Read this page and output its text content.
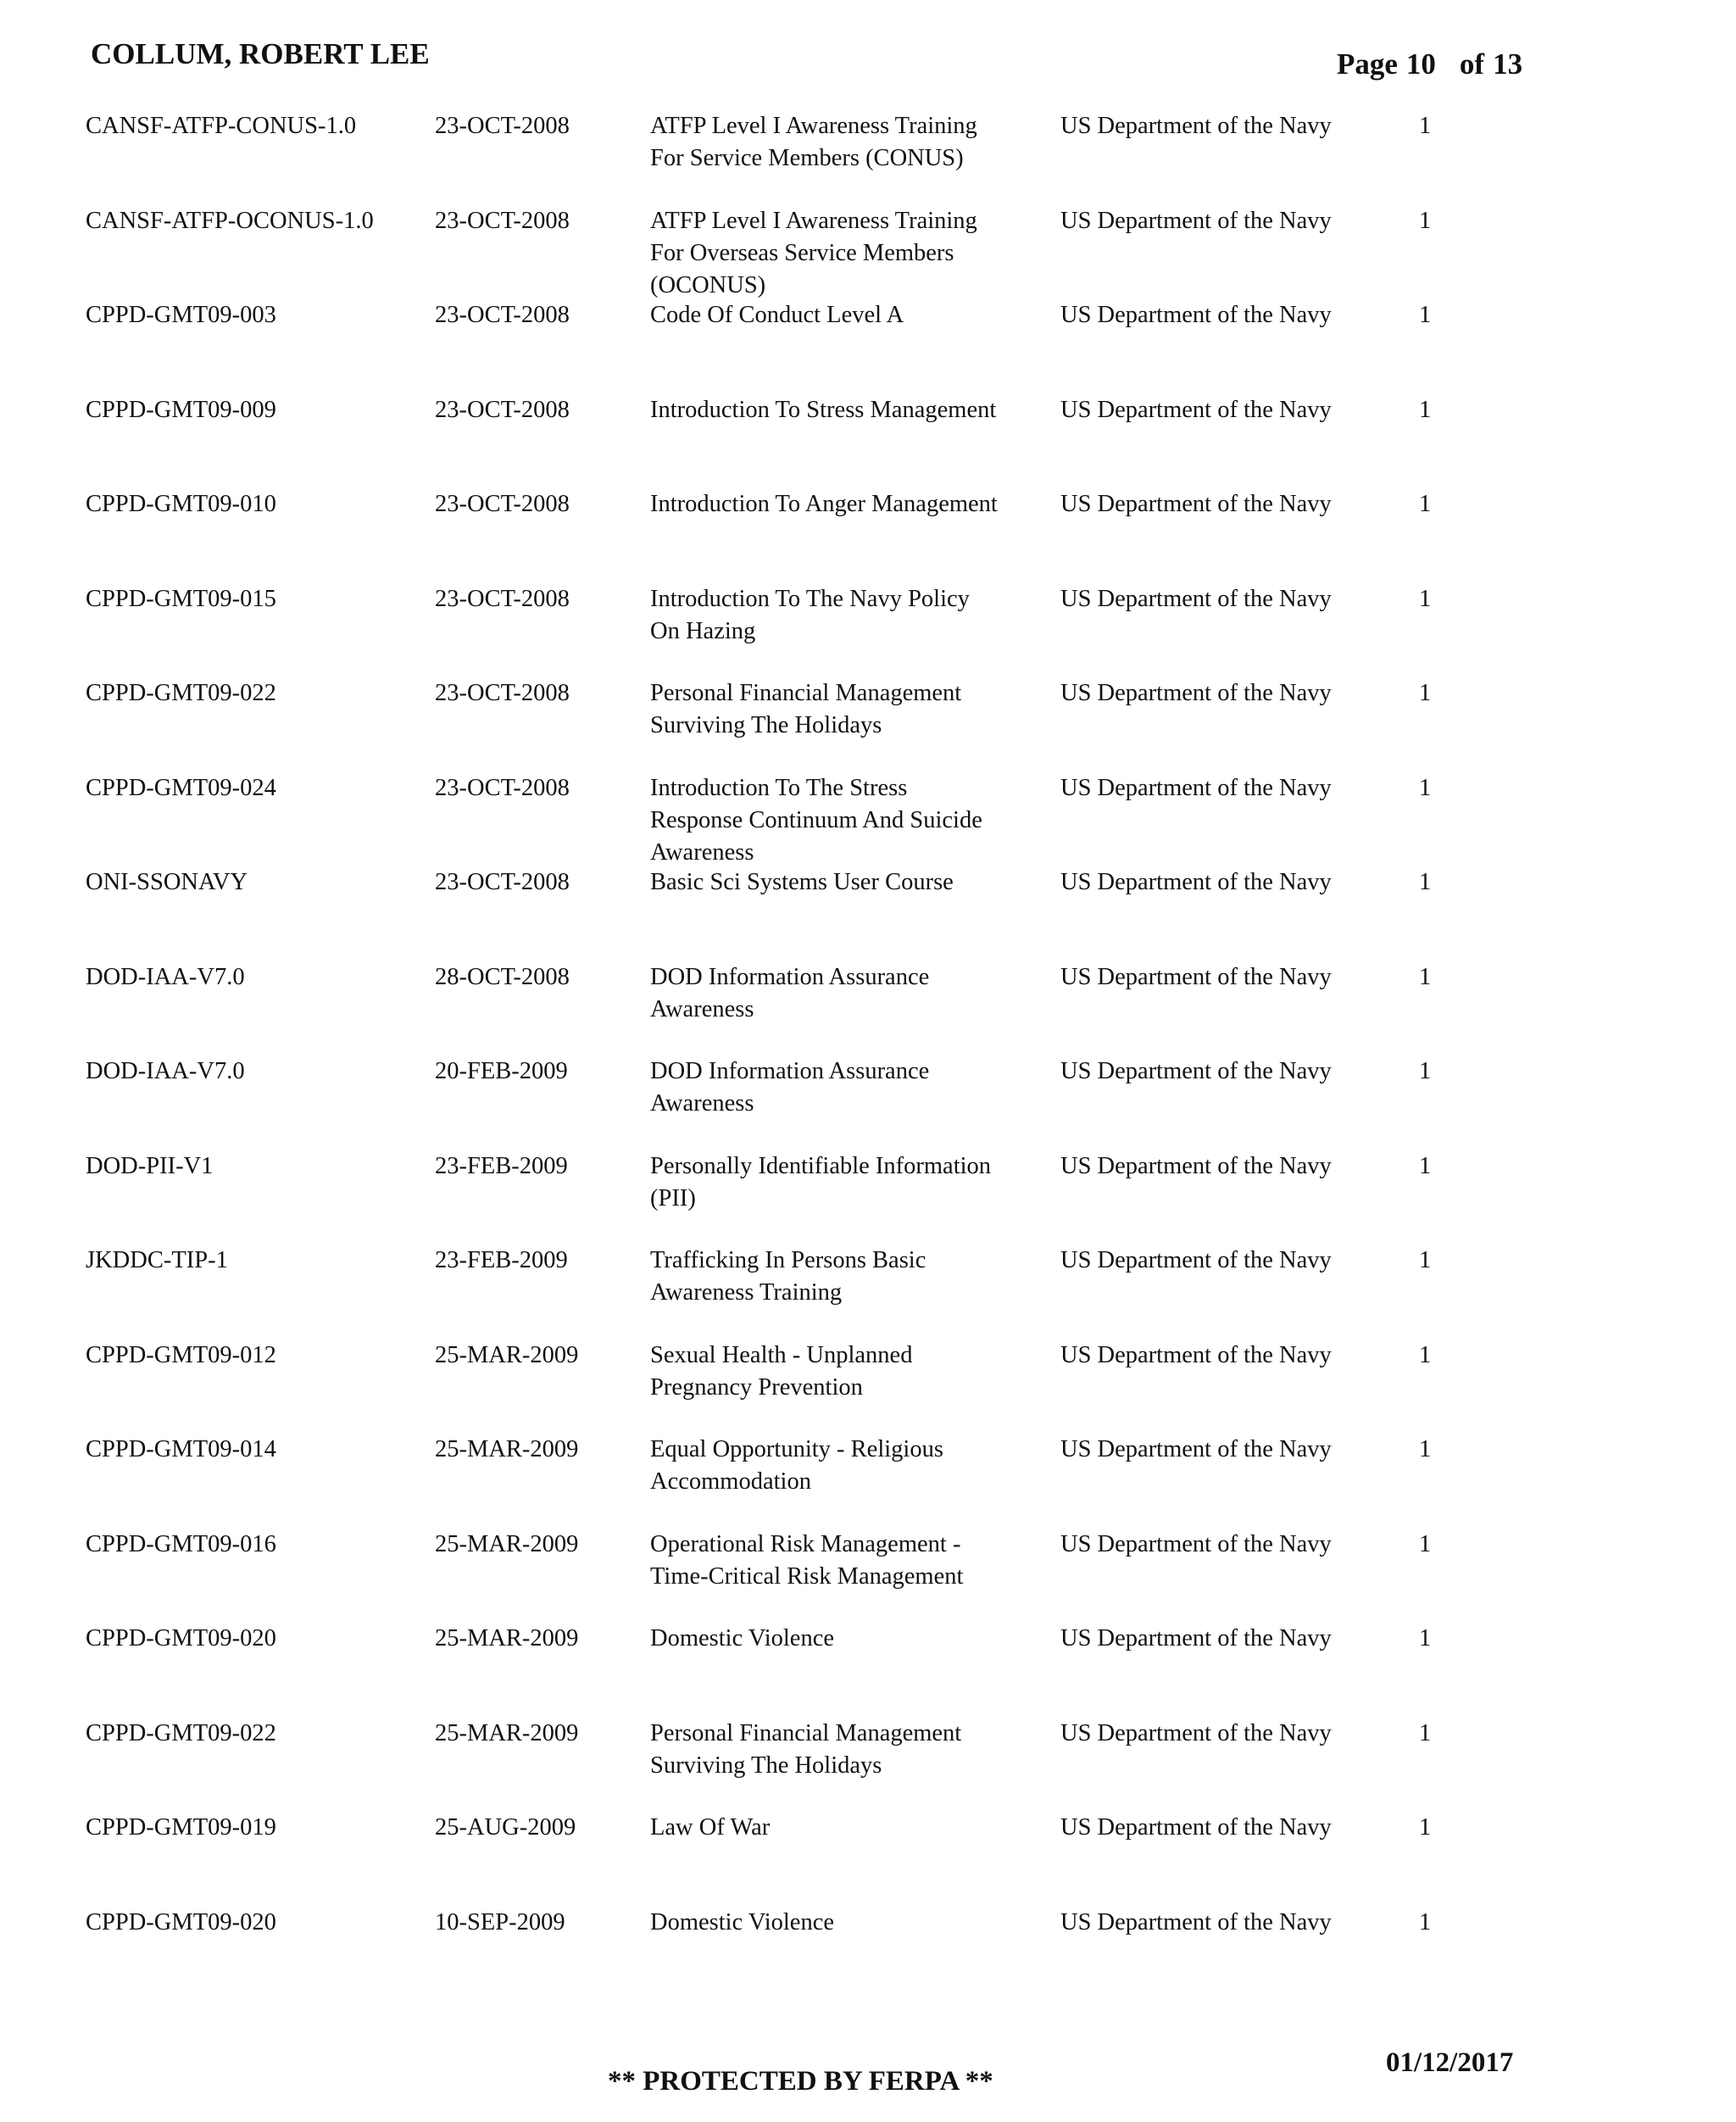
COLLUM, ROBERT LEE	Page 10 of 13
CANSF-ATFP-CONUS-1.0	23-OCT-2008	ATFP Level I Awareness Training
For Service Members (CONUS)
US Department of the Navy	1
CANSF-ATFP-OCONUS-1.0	23-OCT-2008	ATFP Level I Awareness Training
For Overseas Service Members
(OCONUS)
US Department of the Navy	1
CPPD-GMT09-003	23-OCT-2008	Code Of Conduct Level A	US Department of the Navy	1
CPPD-GMT09-009	23-OCT-2008	Introduction To Stress Management	US Department of the Navy	1
CPPD-GMT09-010	23-OCT-2008	Introduction To Anger Management	US Department of the Navy	1
CPPD-GMT09-015	23-OCT-2008	Introduction To The Navy Policy
On Hazing
US Department of the Navy	1
CPPD-GMT09-022	23-OCT-2008	Personal Financial Management
Surviving The Holidays
US Department of the Navy	1
CPPD-GMT09-024	23-OCT-2008	Introduction To The Stress
Response Continuum And Suicide
Awareness
US Department of the Navy	1
ONI-SSONAVY	23-OCT-2008	Basic Sci Systems User Course	US Department of the Navy	1
DOD-IAA-V7.0	28-OCT-2008	DOD Information Assurance
Awareness
US Department of the Navy	1
DOD-IAA-V7.0	20-FEB-2009	DOD Information Assurance
Awareness
US Department of the Navy	1
DOD-PII-V1	23-FEB-2009	Personally Identifiable Information
(PII)
US Department of the Navy	1
JKDDC-TIP-1	23-FEB-2009	Trafficking In Persons Basic
Awareness Training
US Department of the Navy	1
CPPD-GMT09-012	25-MAR-2009	Sexual Health - Unplanned
Pregnancy Prevention
US Department of the Navy	1
CPPD-GMT09-014	25-MAR-2009	Equal Opportunity - Religious
Accommodation
US Department of the Navy	1
CPPD-GMT09-016	25-MAR-2009	Operational Risk Management -
Time-Critical Risk Management
US Department of the Navy	1
CPPD-GMT09-020	25-MAR-2009	Domestic Violence	US Department of the Navy	1
CPPD-GMT09-022	25-MAR-2009	Personal Financial Management
Surviving The Holidays
US Department of the Navy	1
CPPD-GMT09-019	25-AUG-2009	Law Of War	US Department of the Navy	1
CPPD-GMT09-020	10-SEP-2009	Domestic Violence	US Department of the Navy	1
01/12/2017
** PROTECTED BY FERPA **
